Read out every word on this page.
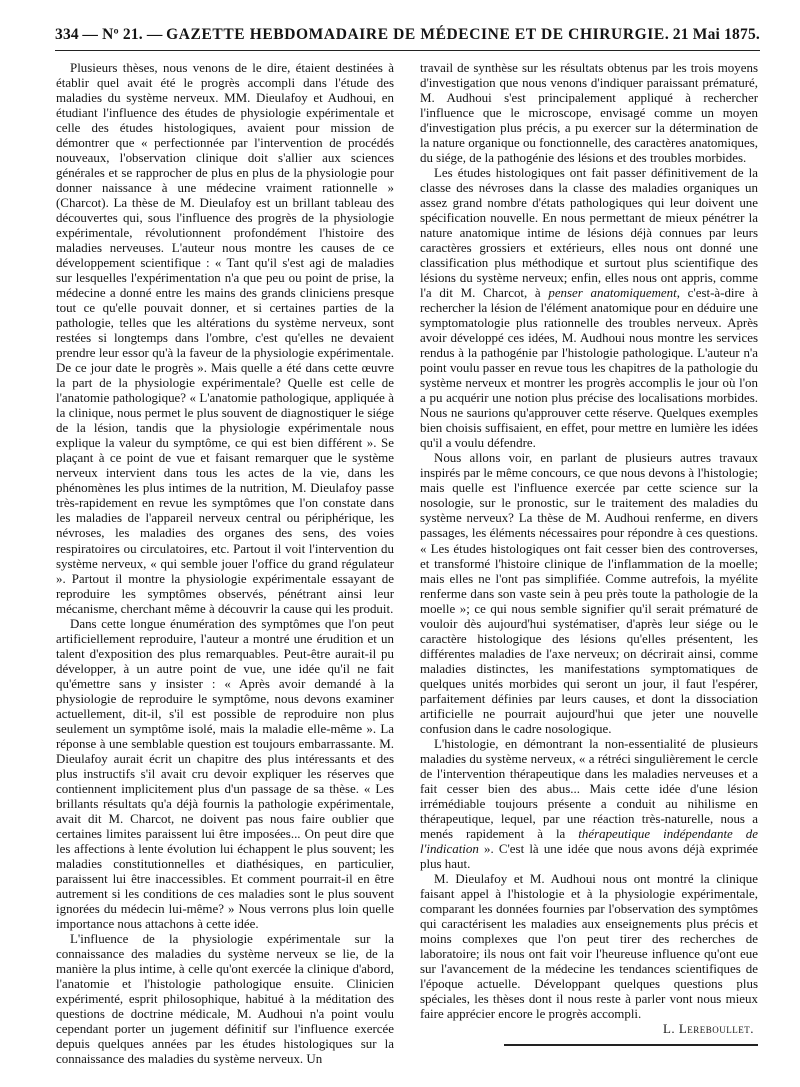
334 — Nº 21. — GAZETTE HEBDOMADAIRE DE MÉDECINE ET DE CHIRURGIE. 21 Mai 1875.

Plusieurs thèses, nous venons de le dire, étaient destinées à établir quel avait été le progrès accompli dans l'étude des maladies du système nerveux. MM. Dieulafoy et Audhoui, en étudiant l'influence des études de physiologie expérimentale et celle des études histologiques, avaient pour mission de démontrer que « perfectionnée par l'intervention de procédés nouveaux, l'observation clinique doit s'allier aux sciences générales et se rapprocher de plus en plus de la physiologie pour donner naissance à une médecine vraiment rationnelle » (Charcot). La thèse de M. Dieulafoy est un brillant tableau des découvertes qui, sous l'influence des progrès de la physiologie expérimentale, révolutionnent profondément l'histoire des maladies nerveuses. L'auteur nous montre les causes de ce développement scientifique : « Tant qu'il s'est agi de maladies sur lesquelles l'expérimentation n'a que peu ou point de prise, la médecine a donné entre les mains des grands cliniciens presque tout ce qu'elle pouvait donner, et si certaines parties de la pathologie, telles que les altérations du système nerveux, sont restées si longtemps dans l'ombre, c'est qu'elles ne devaient prendre leur essor qu'à la faveur de la physiologie expérimentale. De ce jour date le progrès ». Mais quelle a été dans cette œuvre la part de la physiologie expérimentale? Quelle est celle de l'anatomie pathologique? « L'anatomie pathologique, appliquée à la clinique, nous permet le plus souvent de diagnostiquer le siége de la lésion, tandis que la physiologie expérimentale nous explique la valeur du symptôme, ce qui est bien différent ». Se plaçant à ce point de vue et faisant remarquer que le système nerveux intervient dans tous les actes de la vie, dans les phénomènes les plus intimes de la nutrition, M. Dieulafoy passe très-rapidement en revue les symptômes que l'on constate dans les maladies de l'appareil nerveux central ou périphérique, les névroses, les maladies des organes des sens, des voies respiratoires ou circulatoires, etc. Partout il voit l'intervention du système nerveux, « qui semble jouer l'office du grand régulateur ». Partout il montre la physiologie expérimentale essayant de reproduire les symptômes observés, pénétrant ainsi leur mécanisme, cherchant même à découvrir la cause qui les produit.

Dans cette longue énumération des symptômes que l'on peut artificiellement reproduire, l'auteur a montré une érudition et un talent d'exposition des plus remarquables. Peut-être aurait-il pu développer, à un autre point de vue, une idée qu'il ne fait qu'émettre sans y insister : « Après avoir demandé à la physiologie de reproduire le symptôme, nous devons examiner actuellement, dit-il, s'il est possible de reproduire non plus seulement un symptôme isolé, mais la maladie elle-même ». La réponse à une semblable question est toujours embarrassante. M. Dieulafoy aurait écrit un chapitre des plus intéressants et des plus instructifs s'il avait cru devoir expliquer les réserves que contiennent implicitement plus d'un passage de sa thèse. « Les brillants résultats qu'a déjà fournis la pathologie expérimentale, avait dit M. Charcot, ne doivent pas nous faire oublier que certaines limites paraissent lui être imposées... On peut dire que les affections à lente évolution lui échappent le plus souvent; les maladies constitutionnelles et diathésiques, en particulier, paraissent lui être inaccessibles. Et comment pourrait-il en être autrement si les conditions de ces maladies sont le plus souvent ignorées du médecin lui-même? » Nous verrons plus loin quelle importance nous attachons à cette idée.

L'influence de la physiologie expérimentale sur la connaissance des maladies du système nerveux se lie, de la manière la plus intime, à celle qu'ont exercée la clinique d'abord, l'anatomie et l'histologie pathologique ensuite. Clinicien expérimenté, esprit philosophique, habitué à la méditation des questions de doctrine médicale, M. Audhoui n'a point voulu cependant porter un jugement définitif sur l'influence exercée depuis quelques années par les études histologiques sur la connaissance des maladies du système nerveux. Un

travail de synthèse sur les résultats obtenus par les trois moyens d'investigation que nous venons d'indiquer paraissant prématuré, M. Audhoui s'est principalement appliqué à rechercher l'influence que le microscope, envisagé comme un moyen d'investigation plus précis, a pu exercer sur la détermination de la nature organique ou fonctionnelle, des caractères anatomiques, du siége, de la pathogénie des lésions et des troubles morbides.

Les études histologiques ont fait passer définitivement de la classe des névroses dans la classe des maladies organiques un assez grand nombre d'états pathologiques qui leur doivent une spécification nouvelle. En nous permettant de mieux pénétrer la nature anatomique intime de lésions déjà connues par leurs caractères grossiers et extérieurs, elles nous ont donné une classification plus méthodique et surtout plus scientifique des lésions du système nerveux; enfin, elles nous ont appris, comme l'a dit M. Charcot, à penser anatomiquement, c'est-à-dire à rechercher la lésion de l'élément anatomique pour en déduire une symptomatologie plus rationnelle des troubles nerveux. Après avoir développé ces idées, M. Audhoui nous montre les services rendus à la pathogénie par l'histologie pathologique. L'auteur n'a point voulu passer en revue tous les chapitres de la pathologie du système nerveux et montrer les progrès accomplis le jour où l'on a pu acquérir une notion plus précise des localisations morbides. Nous ne saurions qu'approuver cette réserve. Quelques exemples bien choisis suffisaient, en effet, pour mettre en lumière les idées qu'il a voulu défendre.

Nous allons voir, en parlant de plusieurs autres travaux inspirés par le même concours, ce que nous devons à l'histologie; mais quelle est l'influence exercée par cette science sur la nosologie, sur le pronostic, sur le traitement des maladies du système nerveux? La thèse de M. Audhoui renferme, en divers passages, les éléments nécessaires pour répondre à ces questions. « Les études histologiques ont fait cesser bien des controverses, et transformé l'histoire clinique de l'inflammation de la moelle; mais elles ne l'ont pas simplifiée. Comme autrefois, la myélite renferme dans son vaste sein à peu près toute la pathologie de la moelle »; ce qui nous semble signifier qu'il serait prématuré de vouloir dès aujourd'hui systématiser, d'après leur siége ou le caractère histologique des lésions qu'elles présentent, les différentes maladies de l'axe nerveux; on décrirait ainsi, comme maladies distinctes, les manifestations symptomatiques de quelques unités morbides qui seront un jour, il faut l'espérer, parfaitement définies par leurs causes, et dont la dissociation artificielle ne pourrait aujourd'hui que jeter une nouvelle confusion dans le cadre nosologique.

L'histologie, en démontrant la non-essentialité de plusieurs maladies du système nerveux, « a rétréci singulièrement le cercle de l'intervention thérapeutique dans les maladies nerveuses et a fait cesser bien des abus... Mais cette idée d'une lésion irrémédiable toujours présente a conduit au nihilisme en thérapeutique, lequel, par une réaction très-naturelle, nous a menés rapidement à la thérapeutique indépendante de l'indication ». C'est là une idée que nous avons déjà exprimée plus haut.

M. Dieulafoy et M. Audhoui nous ont montré la clinique faisant appel à l'histologie et à la physiologie expérimentale, comparant les données fournies par l'observation des symptômes qui caractérisent les maladies aux enseignements plus précis et moins complexes que l'on peut tirer des recherches de laboratoire; ils nous ont fait voir l'heureuse influence qu'ont eue sur l'avancement de la médecine les tendances scientifiques de l'époque actuelle. Développant quelques questions plus spéciales, les thèses dont il nous reste à parler vont nous mieux faire apprécier encore le progrès accompli.

L. Lereboullet.
